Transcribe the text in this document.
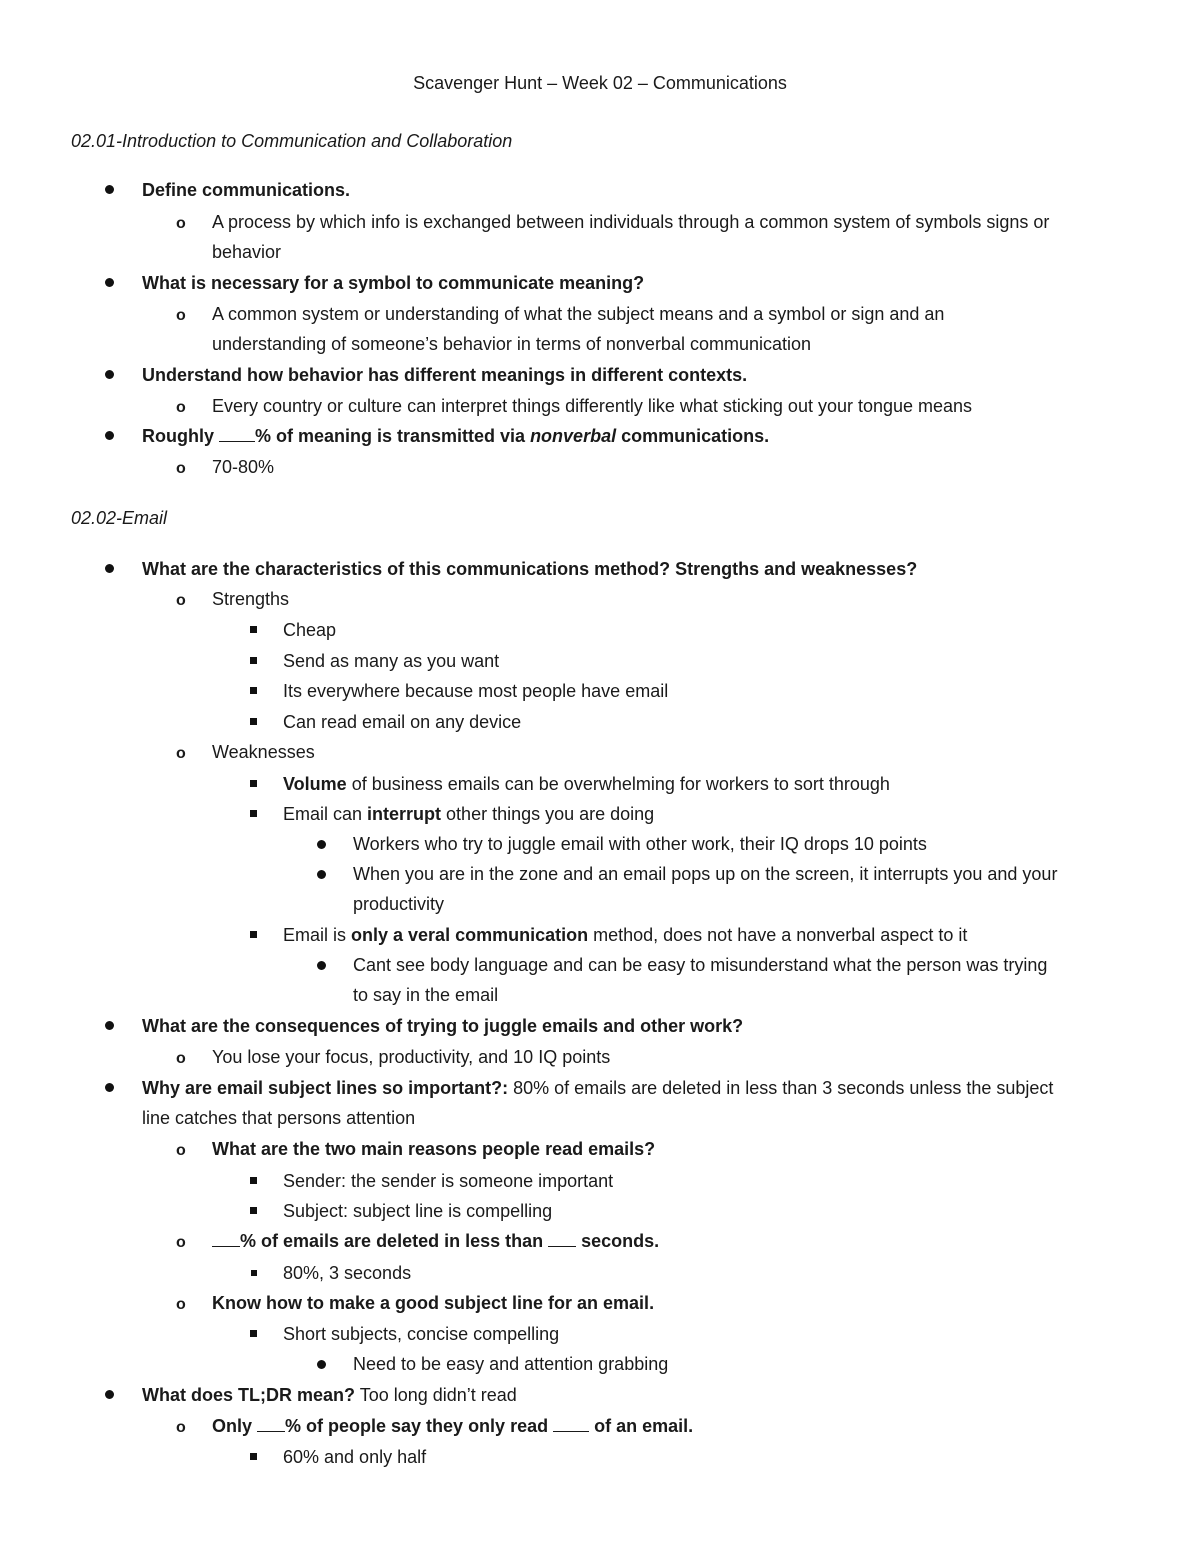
Scavenger Hunt – Week 02 – Communications
02.01-Introduction to Communication and Collaboration
Define communications.
o A process by which info is exchanged between individuals through a common system of symbols signs or
behavior
What is necessary for a symbol to communicate meaning?
o A common system or understanding of what the subject means and a symbol or sign and an
understanding of someone’s behavior in terms of nonverbal communication
Understand how behavior has different meanings in different contexts.
o Every country or culture can interpret things differently like what sticking out your tongue means
Roughly % of meaning is transmitted via nonverbal communications.
o 70-80%
02.02-Email
What are the characteristics of this communications method? Strengths and weaknesses?
o Strengths
Cheap
Send as many as you want
Its everywhere because most people have email
Can read email on any device
o Weaknesses
Volume of business emails can be overwhelming for workers to sort through
Email can interrupt other things you are doing
Workers who try to juggle email with other work, their IQ drops 10 points
When you are in the zone and an email pops up on the screen, it interrupts you and your
productivity
Email is only a veral communication method, does not have a nonverbal aspect to it
Cant see body language and can be easy to misunderstand what the person was trying
to say in the email
What are the consequences of trying to juggle emails and other work?
o You lose your focus, productivity, and 10 IQ points
Why are email subject lines so important?: 80% of emails are deleted in less than 3 seconds unless the subject
line catches that persons attention
o What are the two main reasons people read emails?
Sender: the sender is someone important
Subject: subject line is compelling
o	% of emails are deleted in less than  seconds.
80%, 3 seconds
o Know how to make a good subject line for an email.
Short subjects, concise compelling
Need to be easy and attention grabbing
What does TL;DR mean? Too long didn’t read
o Only % of people say they only read  of an email.
60% and only half
